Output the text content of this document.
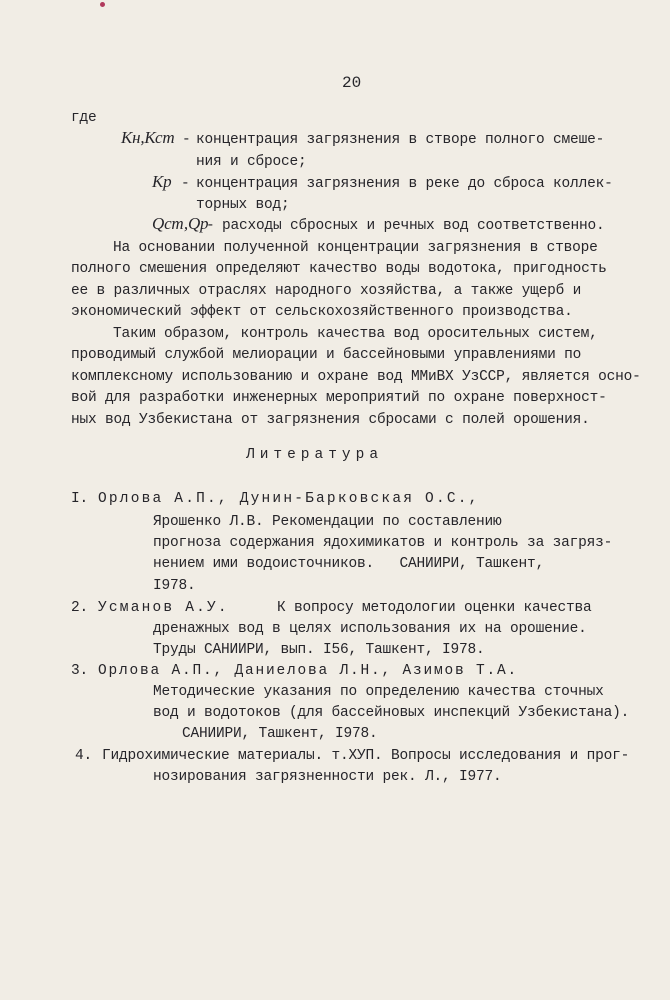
20
где
Кн,Кст - концентрация загрязнения в створе полного смеше-
ния и сбросе;
Кр - концентрация загрязнения в реке до сброса коллек-
торных вод;
Qст,Qр
- расходы сбросных и речных вод соответственно.
На основании полученной концентрации загрязнения в створе
полного смешения определяют качество воды водотока, пригодность
ее в различных отраслях народного хозяйства, а также ущерб и
экономический эффект от сельскохозяйственного производства.
Таким образом, контроль качества вод оросительных систем,
проводимый службой мелиорации и бассейновыми управлениями по
комплексному использованию и охране вод ММиВХ УзССР, является осно-
вой для разработки инженерных мероприятий по охране поверхност-
ных вод Узбекистана от загрязнения сбросами с полей орошения.
Литература
I. Орлова А.П., Дунин-Барковская О.С.,
Ярошенко Л.В. Рекомендации по составлению
прогноза содержания ядохимикатов и контроль за загряз-
нением ими водоисточников.   САНИИРИ, Ташкент,
I978.
2. Усманов А.У.	К вопросу методологии оценки качества
дренажных вод в целях использования их на орошение.
Труды САНИИРИ, вып. I56, Ташкент, I978.
3. Орлова А.П., Даниелова Л.Н., Азимов Т.А.
Методические указания по определению качества сточных
вод и водотоков (для бассейновых инспекций Узбекистана).
САНИИРИ, Ташкент, I978.
4. Гидрохимические материалы. т.ХУП. Вопросы исследования и прог-
нозирования загрязненности рек. Л., I977.
